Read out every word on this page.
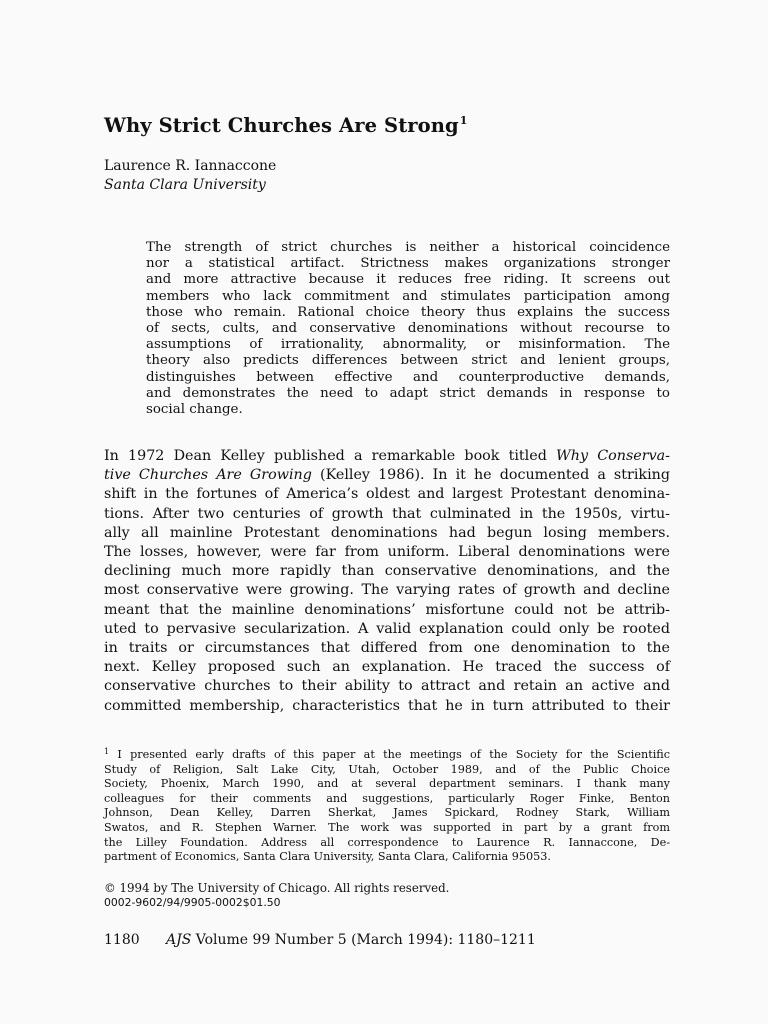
Why Strict Churches Are Strong$^1$
Laurence R. Iannaccone
Santa Clara University
The strength of strict churches is neither a historical coincidence
nor a statistical artifact. Strictness makes organizations stronger
and more attractive because it reduces free riding. It screens out
members who lack commitment and stimulates participation among
those who remain. Rational choice theory thus explains the success
of sects, cults, and conservative denominations without recourse to
assumptions of irrationality, abnormality, or misinformation. The
theory also predicts differences between strict and lenient groups,
distinguishes between effective and counterproductive demands,
and demonstrates the need to adapt strict demands in response to
social change.
In 1972 Dean Kelley published a remarkable book titled Why Conserva-
tive Churches Are Growing (Kelley 1986). In it he documented a striking
shift in the fortunes of America’s oldest and largest Protestant denomina-
tions. After two centuries of growth that culminated in the 1950s, virtu-
ally all mainline Protestant denominations had begun losing members.
The losses, however, were far from uniform. Liberal denominations were
declining much more rapidly than conservative denominations, and the
most conservative were growing. The varying rates of growth and decline
meant that the mainline denominations’ misfortune could not be attrib-
uted to pervasive secularization. A valid explanation could only be rooted
in traits or circumstances that differed from one denomination to the
next. Kelley proposed such an explanation. He traced the success of
conservative churches to their ability to attract and retain an active and
committed membership, characteristics that he in turn attributed to their
$^1$ I presented early drafts of this paper at the meetings of the Society for the Scientific
Study of Religion, Salt Lake City, Utah, October 1989, and of the Public Choice
Society, Phoenix, March 1990, and at several department seminars. I thank many
colleagues for their comments and suggestions, particularly Roger Finke, Benton
Johnson, Dean Kelley, Darren Sherkat, James Spickard, Rodney Stark, William
Swatos, and R. Stephen Warner. The work was supported in part by a grant from
the Lilley Foundation. Address all correspondence to Laurence R. Iannaccone, De-
partment of Economics, Santa Clara University, Santa Clara, California 95053.
© 1994 by The University of Chicago. All rights reserved.
0002-9602/94/9905-0002$01.50
1180 AJS Volume 99 Number 5 (March 1994): 1180–1211
